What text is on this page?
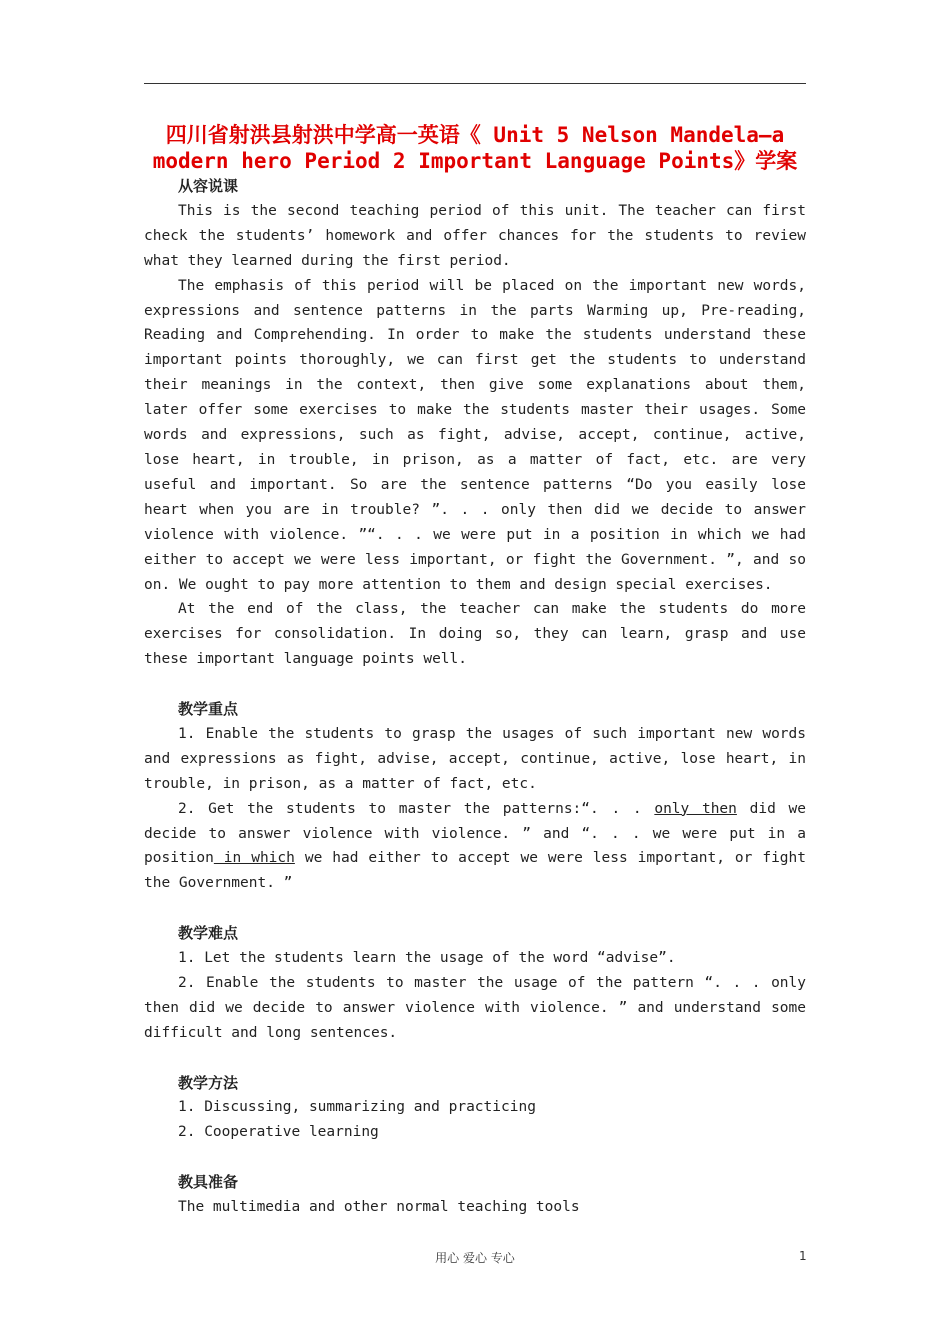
四川省射洪县射洪中学高一英语《 Unit 5 Nelson Mandela—a modern hero Period 2 Important Language Points》学案
从容说课

This is the second teaching period of this unit. The teacher can first check the students’ homework and offer chances for the students to review what they learned during the first period.

The emphasis of this period will be placed on the important new words, expressions and sentence patterns in the parts Warming up, Pre-reading, Reading and Comprehending. In order to make the students understand these important points thoroughly, we can first get the students to understand their meanings in the context, then give some explanations about them, later offer some exercises to make the students master their usages. Some words and expressions, such as fight, advise, accept, continue, active, lose heart, in trouble, in prison, as a matter of fact, etc. are very useful and important. So are the sentence patterns “Do you easily lose heart when you are in trouble? ”. . . only then did we decide to answer violence with violence. ”“. . . we were put in a position in which we had either to accept we were less important, or fight the Government. ”, and so on. We ought to pay more attention to them and design special exercises.

At the end of the class, the teacher can make the students do more exercises for consolidation. In doing so, they can learn, grasp and use these important language points well.

教学重点

1. Enable the students to grasp the usages of such important new words and expressions as fight, advise, accept, continue, active, lose heart, in trouble, in prison, as a matter of fact, etc.

2. Get the students to master the patterns:“. . . only then did we decide to answer violence with violence. ” and “. . . we were put in a position in which we had either to accept we were less important, or fight the Government. ”

教学难点

1. Let the students learn the usage of the word “advise”.

2. Enable the students to master the usage of the pattern “. . . only then did we decide to answer violence with violence. ” and understand some difficult and long sentences.

教学方法

1. Discussing, summarizing and practicing

2. Cooperative learning

教具准备

The multimedia and other normal teaching tools

用心 爱心 专心	1
